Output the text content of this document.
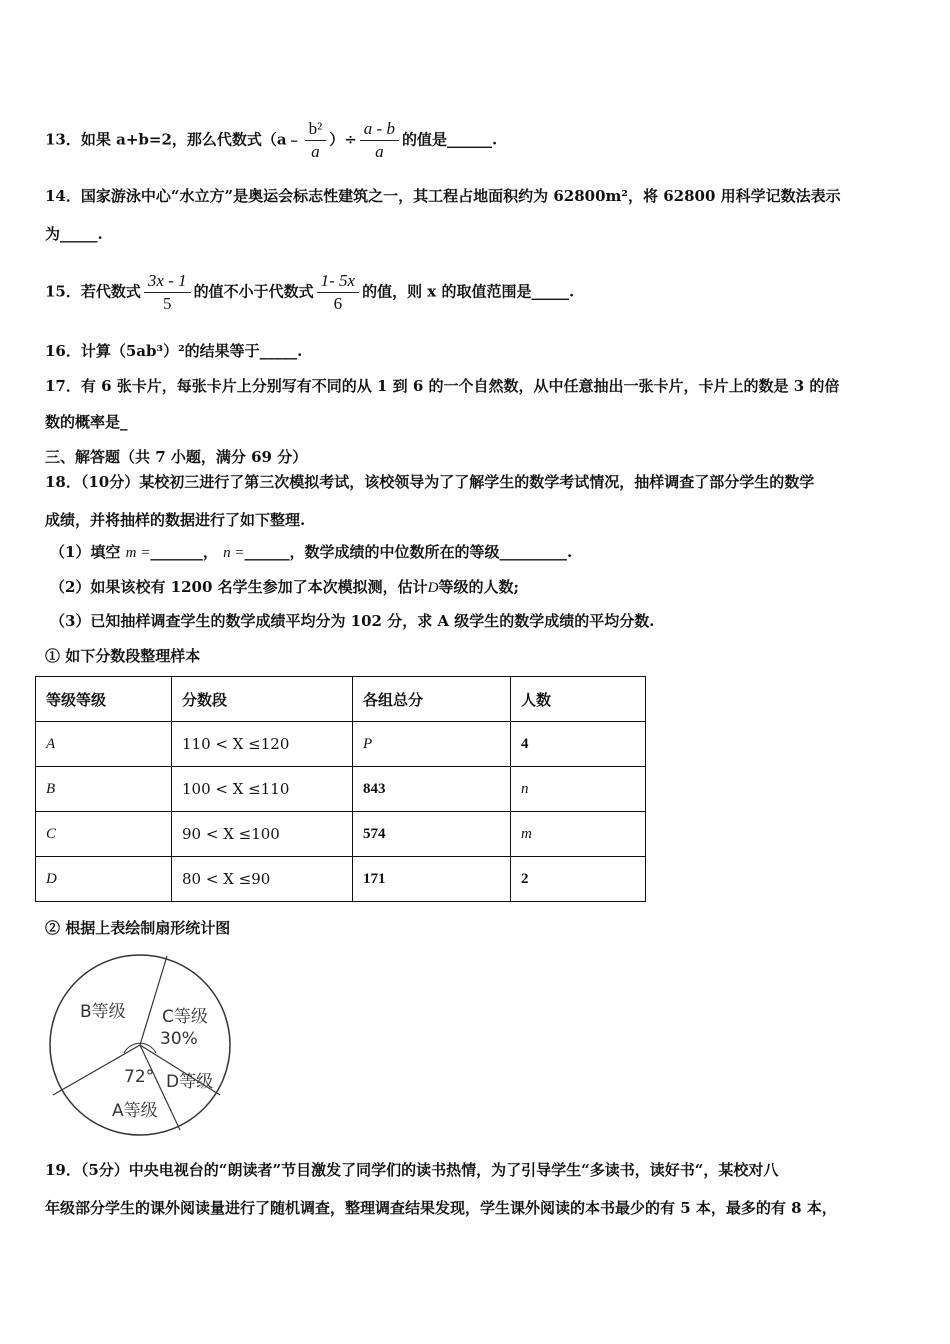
13．如果 a+b=2，那么代数式（a﹣ $\frac{\text{b²}}{a}$ ）÷ $\frac{a - b}{a}$ 的值是______.
14．国家游泳中心“水立方”是奥运会标志性建筑之一，其工程占地面积约为 62800m²，将 62800 用科学记数法表示
为_____.
15．若代数式 $\frac{3x - 1}{5}$ 的值不小于代数式 $\frac{1- 5x}{6}$ 的值，则 x 的取值范围是_____.
16．计算（5ab³）²的结果等于_____.
17．有 6 张卡片，每张卡片上分别写有不同的从 1 到 6 的一个自然数，从中任意抽出一张卡片，卡片上的数是 3 的倍
数的概率是_
三、解答题（共 7 小题，满分 69 分）
18．（10分）某校初三进行了第三次模拟考试，该校领导为了了解学生的数学考试情况，抽样调查了部分学生的数学
成绩，并将抽样的数据进行了如下整理.
（1）填空 m =_______， n =______，数学成绩的中位数所在的等级_________.
（2）如果该校有 1200 名学生参加了本次模拟测，估计D等级的人数;
（3）已知抽样调查学生的数学成绩平均分为 102 分，求 A 级学生的数学成绩的平均分数.
① 如下分数段整理样本
等级等级	分数段	各组总分	人数
A	110 < X ≤120	P	4
B	100 < X ≤110	843	n
C	90 < X ≤100	574	m
D	80 < X ≤90	171	2
② 根据上表绘制扇形统计图
B等级 C等级
30%
72° D等级
A等级
19．（5分）中央电视台的“朗读者”节目激发了同学们的读书热情，为了引导学生“多读书，读好书“，某校对八
年级部分学生的课外阅读量进行了随机调查，整理调查结果发现，学生课外阅读的本书最少的有 5 本，最多的有 8 本，
